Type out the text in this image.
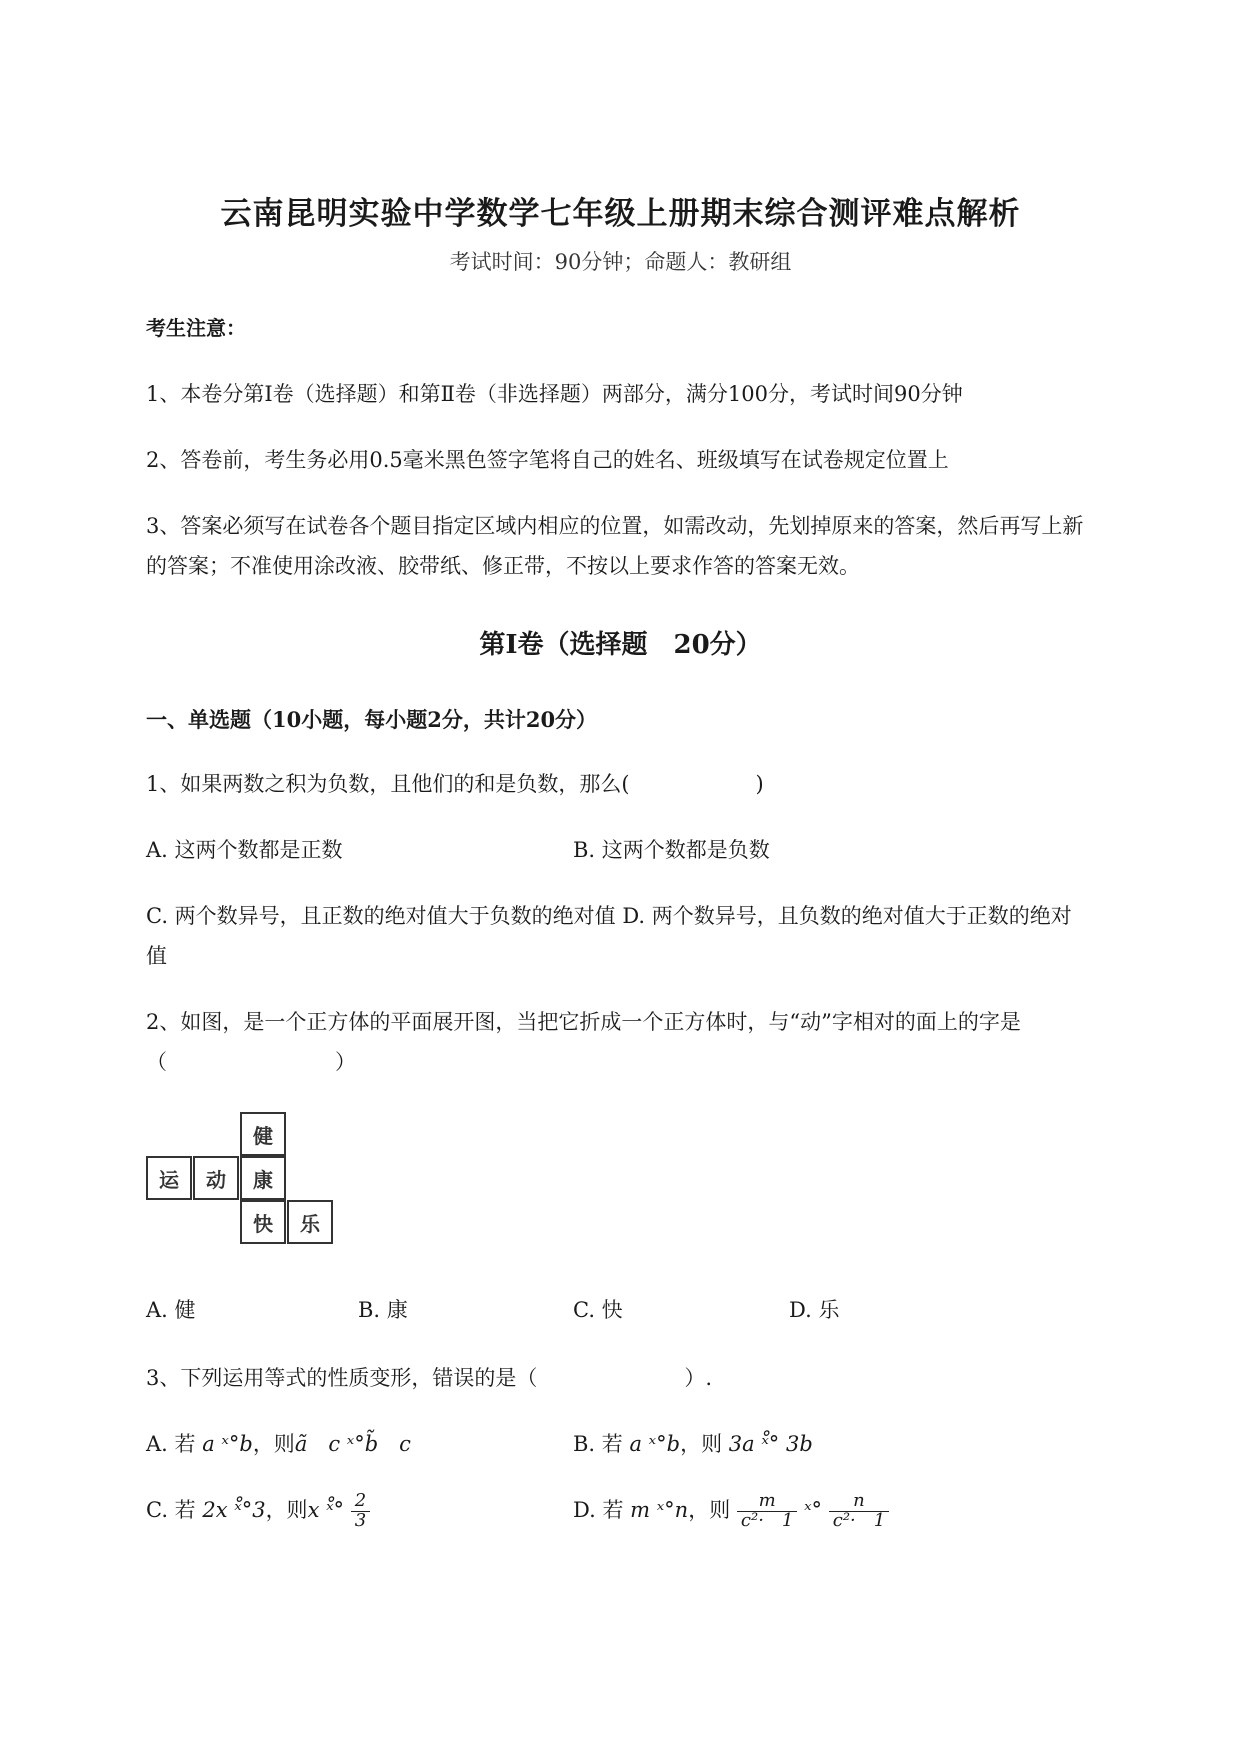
云南昆明实验中学数学七年级上册期末综合测评难点解析
考试时间：90分钟；命题人：教研组
考生注意：
1、本卷分第Ⅰ卷（选择题）和第Ⅱ卷（非选择题）两部分，满分100分，考试时间90分钟
2、答卷前，考生务必用0.5毫米黑色签字笔将自己的姓名、班级填写在试卷规定位置上
3、答案必须写在试卷各个题目指定区域内相应的位置，如需改动，先划掉原来的答案，然后再写上新
的答案；不准使用涂改液、胶带纸、修正带，不按以上要求作答的答案无效。
第Ⅰ卷（选择题　20分）
一、单选题（10小题，每小题2分，共计20分）
1、如果两数之积为负数，且他们的和是负数，那么(　　　　　　)
A. 这两个数都是正数	B. 这两个数都是负数
C. 两个数异号，且正数的绝对值大于负数的绝对值 D. 两个数异号，且负数的绝对值大于正数的绝对
值
2、如图，是一个正方体的平面展开图，当把它折成一个正方体时，与“动”字相对的面上的字是
（　　　　　　　　）
健
运	动	康
快	乐
A. 健	B. 康	C. 快	D. 乐
3、下列运用等式的性质变形，错误的是（　　　　　　　）.
A. 若 a ˣ°b，则ã　c ˣ°b̃　c	B. 若 a ˣ°b，则 3a ˣ̊° 3b
C. 若 2x ˣ̊°3，则x ˣ̊° $\frac{2}{3}$	D. 若 m ˣ°n，则 $\frac{m}{\text{c²·　1}}$ ˣ° $\frac{n}{\text{c²·　1}}$
